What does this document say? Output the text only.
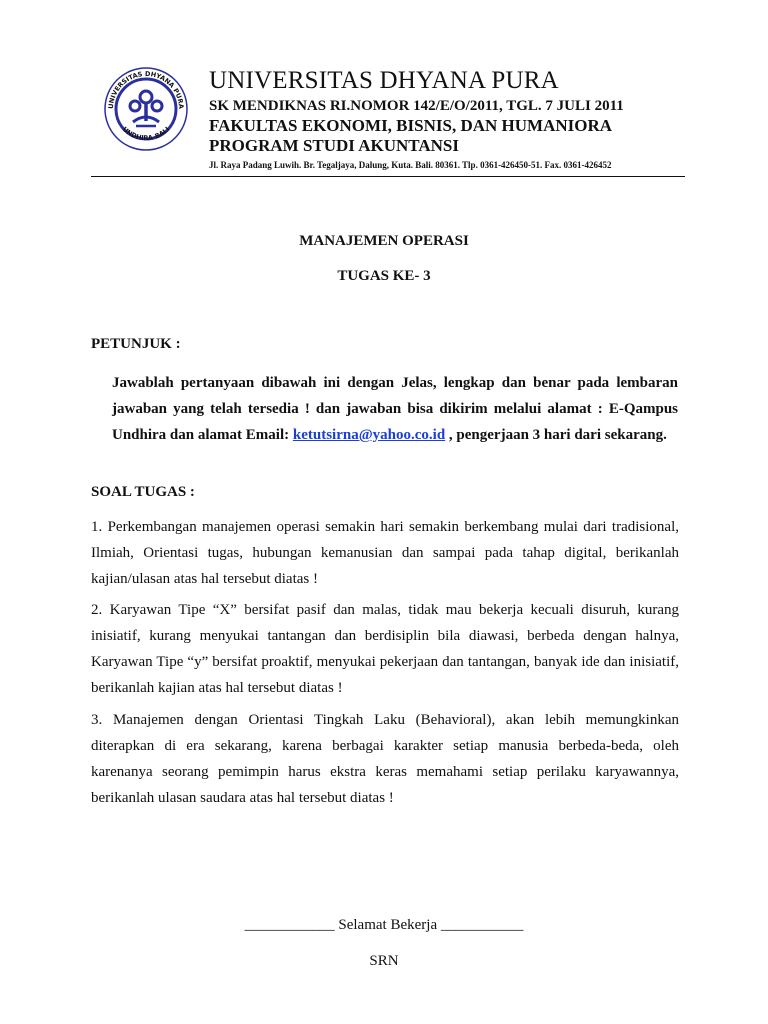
UNIVERSITAS DHYANA PURA
UNDHIRA-BALI
UNIVERSITAS DHYANA PURA
SK MENDIKNAS RI.NOMOR 142/E/O/2011, TGL. 7 JULI 2011
FAKULTAS EKONOMI, BISNIS, DAN HUMANIORA
PROGRAM STUDI AKUNTANSI
Jl. Raya Padang Luwih. Br. Tegaljaya, Dalung, Kuta. Bali. 80361. Tlp. 0361-426450-51. Fax. 0361-426452
MANAJEMEN OPERASI
TUGAS KE- 3
PETUNJUK :
Jawablah pertanyaan dibawah ini dengan Jelas, lengkap dan benar pada lembaran jawaban yang telah tersedia ! dan jawaban bisa dikirim melalui alamat : E-Qampus Undhira dan alamat Email: ketutsirna@yahoo.co.id , pengerjaan 3 hari dari sekarang.
SOAL TUGAS :
1. Perkembangan manajemen operasi semakin hari semakin berkembang mulai dari tradisional, Ilmiah, Orientasi tugas, hubungan kemanusian dan sampai pada tahap digital, berikanlah kajian/ulasan atas hal tersebut diatas !
2. Karyawan Tipe “X” bersifat pasif dan malas, tidak mau bekerja kecuali disuruh, kurang inisiatif, kurang menyukai tantangan dan berdisiplin bila diawasi, berbeda dengan halnya, Karyawan Tipe “y” bersifat proaktif, menyukai pekerjaan dan tantangan, banyak ide dan inisiatif, berikanlah kajian atas hal tersebut diatas !
3. Manajemen dengan Orientasi Tingkah Laku (Behavioral), akan lebih memungkinkan diterapkan di era sekarang, karena berbagai karakter setiap manusia berbeda-beda, oleh karenanya seorang pemimpin harus ekstra keras memahami setiap perilaku karyawannya, berikanlah ulasan saudara atas hal tersebut diatas !
____________ Selamat Bekerja ___________
SRN
